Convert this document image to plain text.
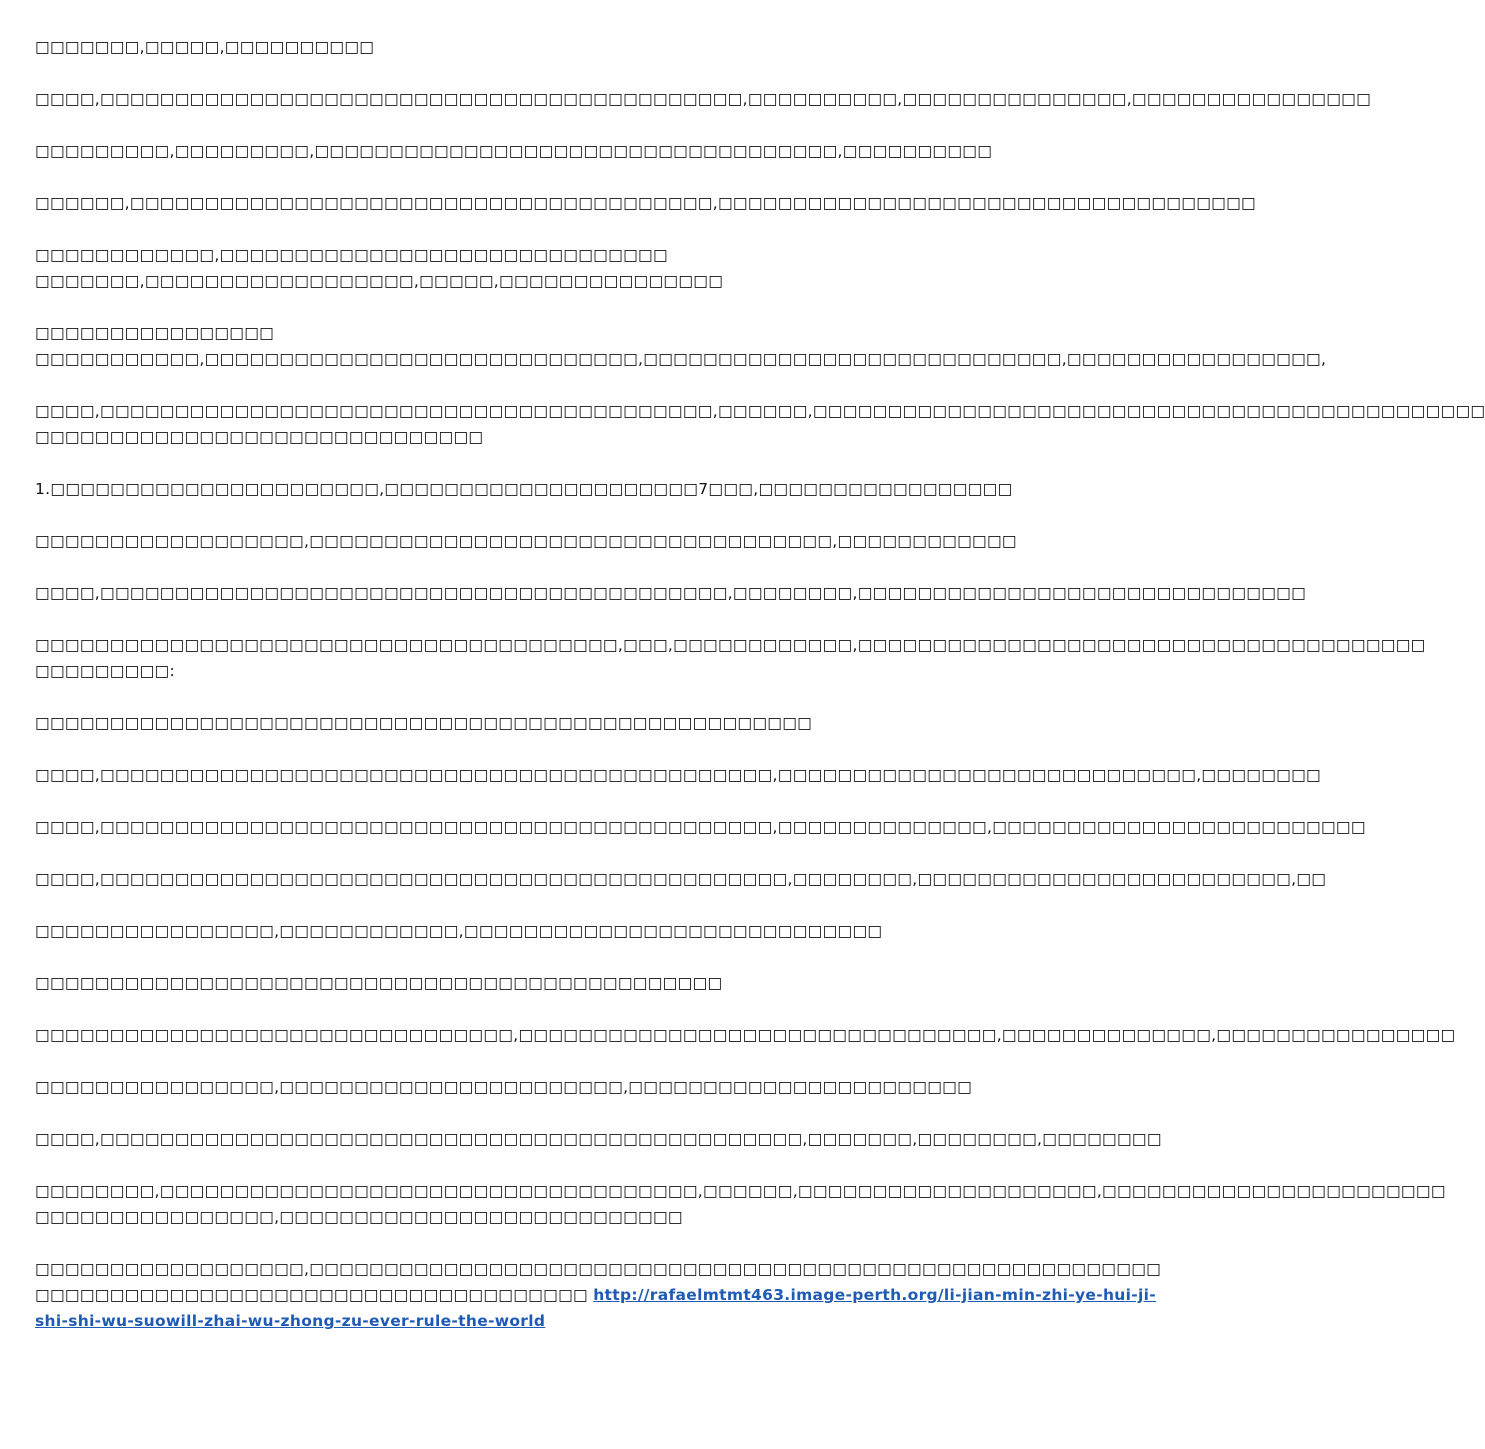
□□□□□□□,□□□□□,□□□□□□□□□□

□□□□,□□□□□□□□□□□□□□□□□□□□□□□□□□□□□□□□□□□□□□□□□□□,□□□□□□□□□□,□□□□□□□□□□□□□□□,□□□□□□□□□□□□□□□□

□□□□□□□□□,□□□□□□□□□,□□□□□□□□□□□□□□□□□□□□□□□□□□□□□□□□□□□,□□□□□□□□□□

□□□□□□,□□□□□□□□□□□□□□□□□□□□□□□□□□□□□□□□□□□□□□□,□□□□□□□□□□□□□□□□□□□□□□□□□□□□□□□□□□□□

□□□□□□□□□□□□,□□□□□□□□□□□□□□□□□□□□□□□□□□□□□□
□□□□□□□,□□□□□□□□□□□□□□□□□□,□□□□□,□□□□□□□□□□□□□□□

□□□□□□□□□□□□□□□□
□□□□□□□□□□□,□□□□□□□□□□□□□□□□□□□□□□□□□□□□□,□□□□□□□□□□□□□□□□□□□□□□□□□□□□,□□□□□□□□□□□□□□□□□,

□□□□,□□□□□□□□□□□□□□□□□□□□□□□□□□□□□□□□□□□□□□□□□,□□□□□□,□□□□□□□□□□□□□□□□□□□□□□□□□□□□□□□□□□□□□□□□□□□□□
□□□□□□□□□□□□□□□□□□□□□□□□□□□□□□

1.□□□□□□□□□□□□□□□□□□□□□□,□□□□□□□□□□□□□□□□□□□□□7□□□,□□□□□□□□□□□□□□□□□

□□□□□□□□□□□□□□□□□□,□□□□□□□□□□□□□□□□□□□□□□□□□□□□□□□□□□□,□□□□□□□□□□□□

□□□□,□□□□□□□□□□□□□□□□□□□□□□□□□□□□□□□□□□□□□□□□□□,□□□□□□□□,□□□□□□□□□□□□□□□□□□□□□□□□□□□□□□

□□□□□□□□□□□□□□□□□□□□□□□□□□□□□□□□□□□□□□□,□□□,□□□□□□□□□□□□,□□□□□□□□□□□□□□□□□□□□□□□□□□□□□□□□□□□□□□
□□□□□□□□□:

□□□□□□□□□□□□□□□□□□□□□□□□□□□□□□□□□□□□□□□□□□□□□□□□□□□□

□□□□,□□□□□□□□□□□□□□□□□□□□□□□□□□□□□□□□□□□□□□□□□□□□□,□□□□□□□□□□□□□□□□□□□□□□□□□□□□,□□□□□□□□

□□□□,□□□□□□□□□□□□□□□□□□□□□□□□□□□□□□□□□□□□□□□□□□□□□,□□□□□□□□□□□□□□,□□□□□□□□□□□□□□□□□□□□□□□□□

□□□□,□□□□□□□□□□□□□□□□□□□□□□□□□□□□□□□□□□□□□□□□□□□□□□,□□□□□□□□,□□□□□□□□□□□□□□□□□□□□□□□□□,□□

□□□□□□□□□□□□□□□□,□□□□□□□□□□□□,□□□□□□□□□□□□□□□□□□□□□□□□□□□□

□□□□□□□□□□□□□□□□□□□□□□□□□□□□□□□□□□□□□□□□□□□□□□

□□□□□□□□□□□□□□□□□□□□□□□□□□□□□□□□,□□□□□□□□□□□□□□□□□□□□□□□□□□□□□□□□,□□□□□□□□□□□□□□,□□□□□□□□□□□□□□□□

□□□□□□□□□□□□□□□□,□□□□□□□□□□□□□□□□□□□□□□□,□□□□□□□□□□□□□□□□□□□□□□□

□□□□,□□□□□□□□□□□□□□□□□□□□□□□□□□□□□□□□□□□□□□□□□□□□□□□,□□□□□□□,□□□□□□□□,□□□□□□□□

□□□□□□□□,□□□□□□□□□□□□□□□□□□□□□□□□□□□□□□□□□□□□,□□□□□□,□□□□□□□□□□□□□□□□□□□□,□□□□□□□□□□□□□□□□□□□□□□□
□□□□□□□□□□□□□□□□,□□□□□□□□□□□□□□□□□□□□□□□□□□□

□□□□□□□□□□□□□□□□□□,□□□□□□□□□□□□□□□□□□□□□□□□□□□□□□□□□□□□□□□□□□□□□□□□□□□□□□□□□
□□□□□□□□□□□□□□□□□□□□□□□□□□□□□□□□□□□□□ http://rafaelmtmt463.image-perth.org/li-jian-min-zhi-ye-hui-ji-
shi-shi-wu-suowill-zhai-wu-zhong-zu-ever-rule-the-world
